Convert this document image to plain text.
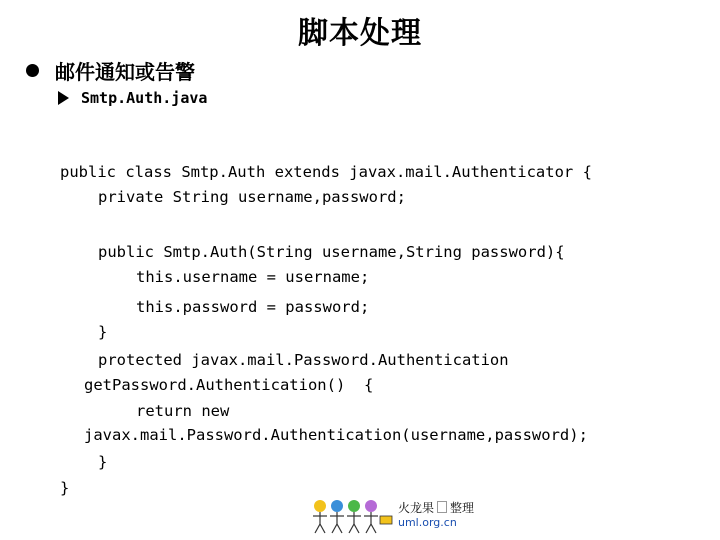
脚本处理
邮件通知或告警
Smtp.Auth.java
public class Smtp.Auth extends javax.mail.Authenticator {
private String username,password;
public Smtp.Auth(String username,String password){
this.username = username;
this.password = password;
}
protected javax.mail.Password.Authentication
getPassword.Authentication()  {
return new
javax.mail.Password.Authentication(username,password);
}
}
火龙果 整理
uml.org.cn
